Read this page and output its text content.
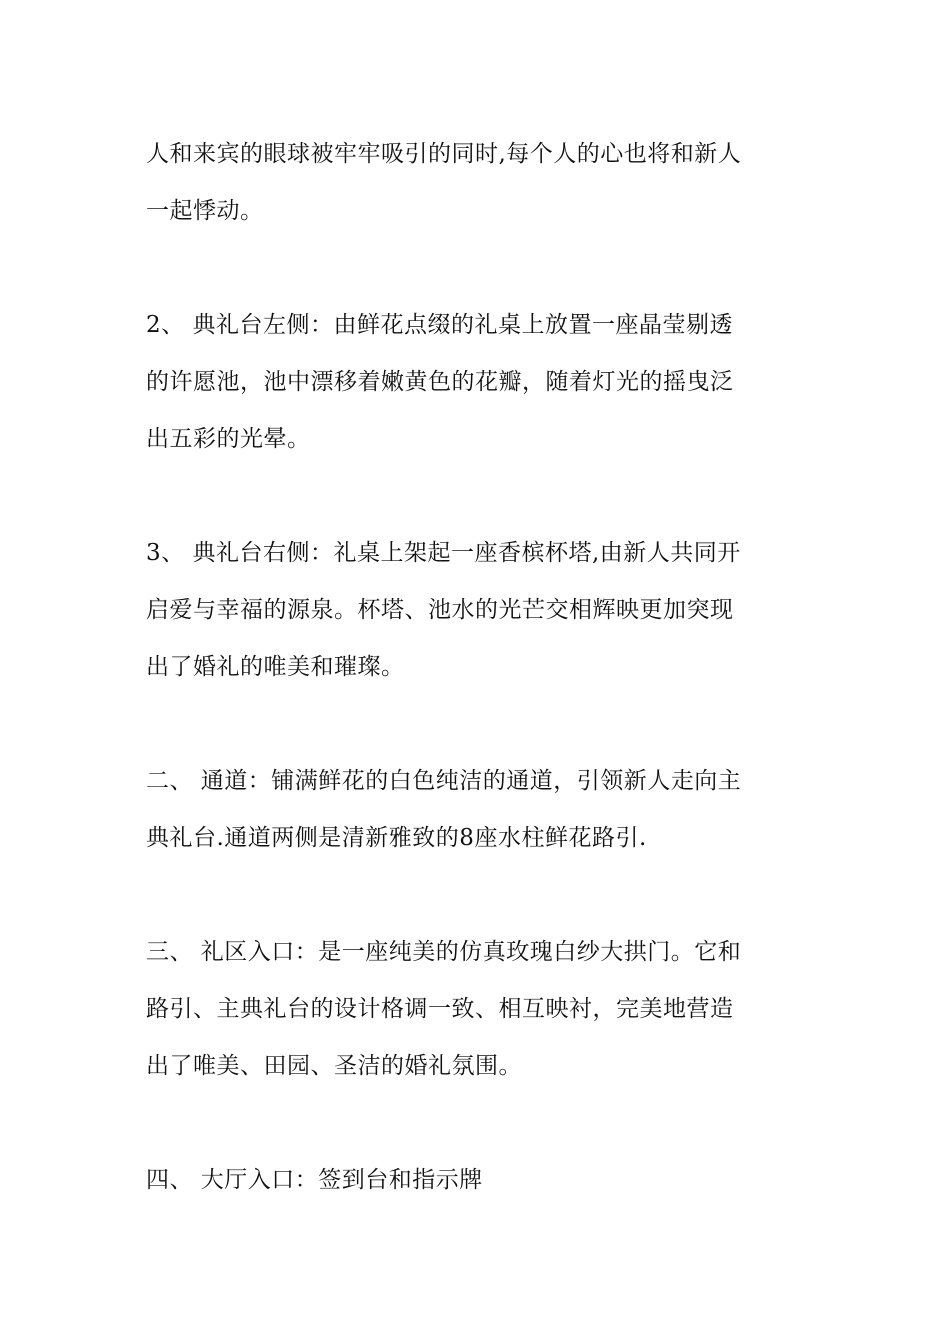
人和来宾的眼球被牢牢吸引的同时,每个人的心也将和新人
一起悸动。
2、 典礼台左侧：由鲜花点缀的礼桌上放置一座晶莹剔透
的许愿池，池中漂移着嫩黄色的花瓣，随着灯光的摇曳泛
出五彩的光晕。
3、 典礼台右侧：礼桌上架起一座香槟杯塔,由新人共同开
启爱与幸福的源泉。杯塔、池水的光芒交相辉映更加突现
出了婚礼的唯美和璀璨。
二、 通道：铺满鲜花的白色纯洁的通道，引领新人走向主
典礼台.通道两侧是清新雅致的8座水柱鲜花路引.
三、 礼区入口：是一座纯美的仿真玫瑰白纱大拱门。它和
路引、主典礼台的设计格调一致、相互映衬，完美地营造
出了唯美、田园、圣洁的婚礼氛围。
四、 大厅入口：签到台和指示牌
